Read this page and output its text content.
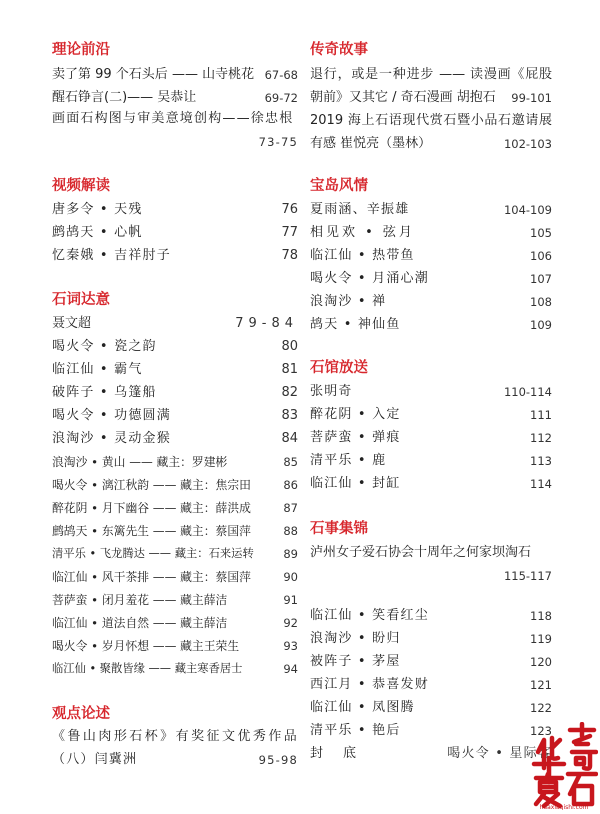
理论前沿
卖了第 99 个石头后 —— 山寺桃花 67-68
醒石铮言(二)—— 吴恭让	69-72
画面石构图与审美意境创构——徐忠根
73-75
视频解读
唐多令 • 天残	76
鹧鸪天 • 心帆	77
忆秦娥 • 吉祥肘子	78
石词达意
聂文超	79-84
喝火令 • 瓷之韵	80
临江仙 • 霸气	81
破阵子 • 乌篷船	82
喝火令 • 功德圆满	83
浪淘沙 • 灵动金猴	84
浪淘沙 • 黄山 —— 藏主：罗建彬	85
喝火令 • 漓江秋韵 —— 藏主：焦宗田	86
醉花阴 • 月下幽谷 —— 藏主：薛洪成	87
鹧鸪天 • 东篱先生 —— 藏主：蔡国萍	88
清平乐 • 飞龙腾达 —— 藏主：石来运转	89
临江仙 • 风干茶排 —— 藏主：蔡国萍	90
菩萨蛮 • 闭月羞花 —— 藏主薛洁	91
临江仙 • 道法自然 —— 藏主薛洁	92
喝火令 • 岁月怀想 —— 藏主王荣生	93
临江仙 • 聚散皆缘 —— 藏主寒香居士	94
观点论述
《鲁山肉形石杯》有奖征文优秀作品（八）闫冀洲	95-98
传奇故事
退行，或是一种进步 —— 读漫画《屁股朝前》又其它 / 奇石漫画 胡抱石 99-101
2019 海上石语现代赏石暨小品石邀请展有感 崔悦亮（墨林）	102-103
宝岛风情
夏雨涵、辛振雄	104-109
相见欢 • 弦月	105
临江仙 • 热带鱼	106
喝火令 • 月涌心潮	107
浪淘沙 • 禅	108
鸪天 • 神仙鱼	109
石馆放送
张明奇	110-114
醉花阴 • 入定	111
菩萨蛮 • 弹痕	112
清平乐 • 鹿	113
临江仙 • 封缸	114
石事集锦
泸州女子爱石协会十周年之何家坝淘石
115-117
临江仙 • 笑看红尘	118
浪淘沙 • 盼归	119
被阵子 • 茅屋	120
西江月 • 恭喜发财	121
临江仙 • 凤图腾	122
清平乐 • 艳后	123
封底	喝火令 • 星际客
huaxiaqishi.com
